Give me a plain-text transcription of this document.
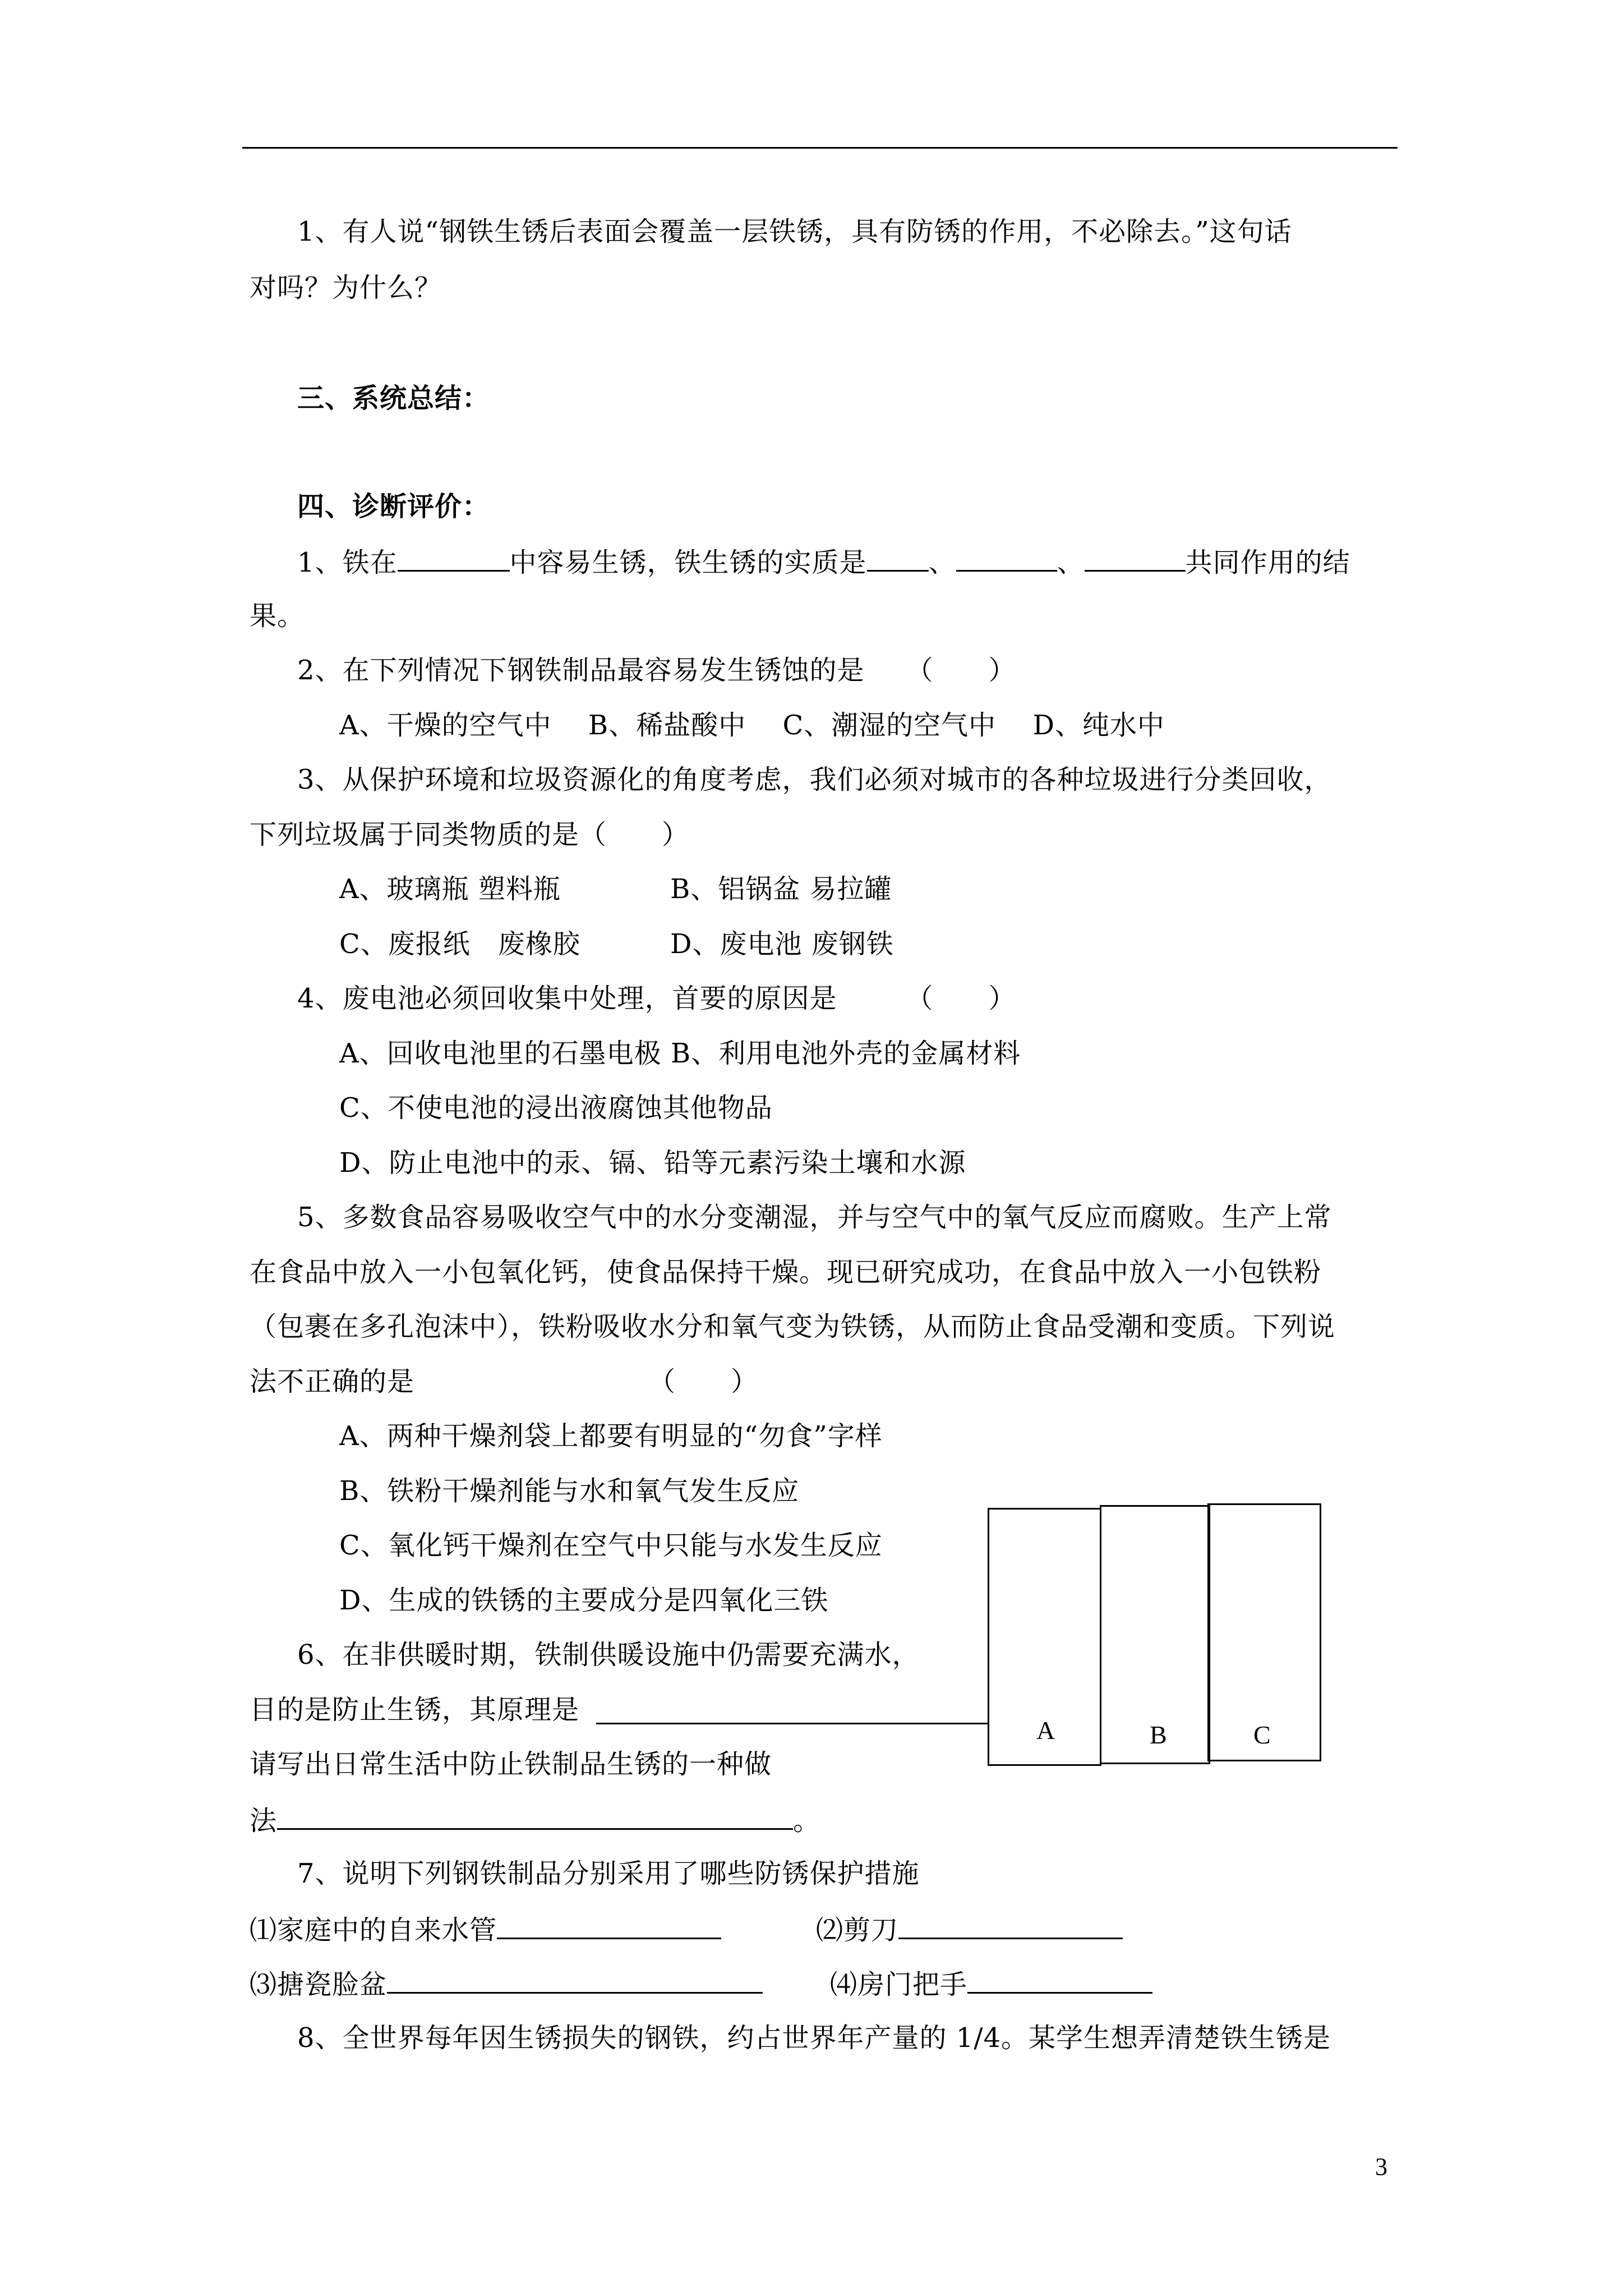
1、有人说“钢铁生锈后表面会覆盖一层铁锈，具有防锈的作用，不必除去。”这句话
对吗？为什么？
三、系统总结：
四、诊断评价：
1、铁在	中容易生锈，铁生锈的实质是 、	、	共同作用的结
果。
2、在下列情况下钢铁制品最容易发生锈蚀的是　　（　　）
A、干燥的空气中　 B、稀盐酸中　 C、潮湿的空气中　 D、纯水中
3、从保护环境和垃圾资源化的角度考虑，我们必须对城市的各种垃圾进行分类回收，
下列垃圾属于同类物质的是（　　）
A、玻璃瓶 塑料瓶	B、铝锅盆 易拉罐
C、废报纸　废橡胶	D、废电池 废钢铁
4、废电池必须回收集中处理，首要的原因是　　　（　　）
A、回收电池里的石墨电极 B、利用电池外壳的金属材料
C、不使电池的浸出液腐蚀其他物品
D、防止电池中的汞、镉、铅等元素污染土壤和水源
5、多数食品容易吸收空气中的水分变潮湿，并与空气中的氧气反应而腐败。生产上常
在食品中放入一小包氧化钙，使食品保持干燥。现已研究成功，在食品中放入一小包铁粉
（包裹在多孔泡沫中），铁粉吸收水分和氧气变为铁锈，从而防止食品受潮和变质。下列说
法不正确的是　　　　　　　　　（　　）
A、两种干燥剂袋上都要有明显的“勿食”字样
B、铁粉干燥剂能与水和氧气发生反应
C、氧化钙干燥剂在空气中只能与水发生反应
D、生成的铁锈的主要成分是四氧化三铁
6、在非供暖时期，铁制供暖设施中仍需要充满水，
目的是防止生锈，其原理是
请写出日常生活中防止铁制品生锈的一种做
法	。
A	B	C
7、说明下列钢铁制品分别采用了哪些防锈保护措施
⑴家庭中的自来水管	⑵剪刀
⑶搪瓷脸盆	⑷房门把手
8、全世界每年因生锈损失的钢铁，约占世界年产量的 1/4。某学生想弄清楚铁生锈是
3
